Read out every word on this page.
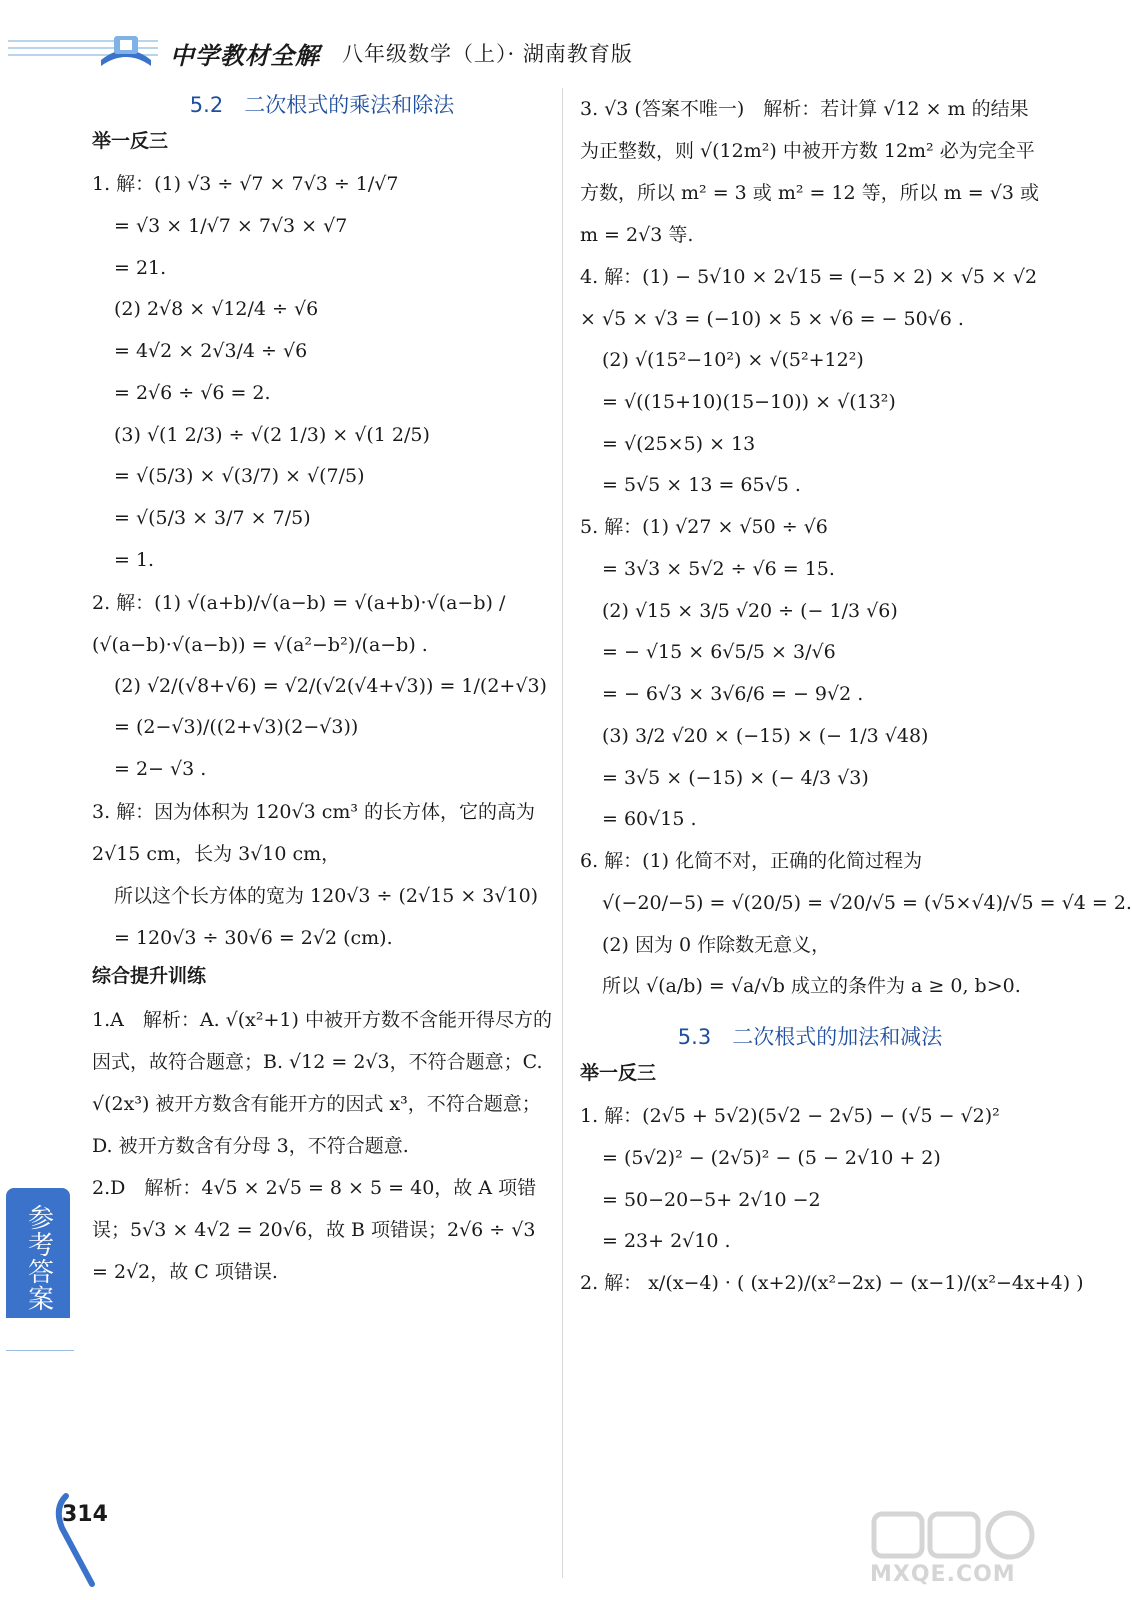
中学教材全解 八年级数学（上）· 湖南教育版
5.2　二次根式的乘法和除法
举一反三
1. 解：(1) √3 ÷ √7 × 7√3 ÷ 1/√7
= √3 × 1/√7 × 7√3 × √7
= 21.
(2) 2√8 × √12/4 ÷ √6
= 4√2 × 2√3/4 ÷ √6
= 2√6 ÷ √6 = 2.
(3) √(1 2/3) ÷ √(2 1/3) × √(1 2/5)
= √(5/3) × √(3/7) × √(7/5)
= √(5/3 × 3/7 × 7/5)
= 1.
2. 解：(1) √(a+b)/√(a−b) = √(a+b)·√(a−b) / (√(a−b)·√(a−b)) = √(a²−b²)/(a−b) .
(2) √2/(√8+√6) = √2/(√2(√4+√3)) = 1/(2+√3)
= (2−√3)/((2+√3)(2−√3))
= 2− √3 .
3. 解：因为体积为 120√3 cm³ 的长方体，它的高为 2√15 cm，长为 3√10 cm，
所以这个长方体的宽为 120√3 ÷ (2√15 × 3√10) = 120√3 ÷ 30√6 = 2√2 (cm).
综合提升训练
1.A　解析：A. √(x²+1) 中被开方数不含能开得尽方的因式，故符合题意；B. √12 = 2√3，不符合题意；C. √(2x³) 被开方数含有能开方的因式 x³，不符合题意；D. 被开方数含有分母 3，不符合题意.
2.D　解析：4√5 × 2√5 = 8 × 5 = 40，故 A 项错误；5√3 × 4√2 = 20√6，故 B 项错误；2√6 ÷ √3 = 2√2，故 C 项错误.
3. √3 (答案不唯一)　解析：若计算 √12 × m 的结果为正整数，则 √(12m²) 中被开方数 12m² 必为完全平方数，所以 m² = 3 或 m² = 12 等，所以 m = √3 或 m = 2√3 等.
4. 解：(1) − 5√10 × 2√15 = (−5 × 2) × √5 × √2 × √5 × √3 = (−10) × 5 × √6 = − 50√6 .
(2) √(15²−10²) × √(5²+12²)
= √((15+10)(15−10)) × √(13²)
= √(25×5) × 13
= 5√5 × 13 = 65√5 .
5. 解：(1) √27 × √50 ÷ √6
= 3√3 × 5√2 ÷ √6 = 15.
(2) √15 × 3/5 √20 ÷ (− 1/3 √6)
= − √15 × 6√5/5 × 3/√6
= − 6√3 × 3√6/6 = − 9√2 .
(3) 3/2 √20 × (−15) × (− 1/3 √48)
= 3√5 × (−15) × (− 4/3 √3)
= 60√15 .
6. 解：(1) 化简不对，正确的化简过程为
√(−20/−5) = √(20/5) = √20/√5 = (√5×√4)/√5 = √4 = 2.
(2) 因为 0 作除数无意义，
所以 √(a/b) = √a/√b 成立的条件为 a ≥ 0, b>0.
5.3　二次根式的加法和减法
举一反三
1. 解：(2√5 + 5√2)(5√2 − 2√5) − (√5 − √2)²
= (5√2)² − (2√5)² − (5 − 2√10 + 2)
= 50−20−5+ 2√10 −2
= 23+ 2√10 .
2. 解： x/(x−4) · ( (x+2)/(x²−2x) − (x−1)/(x²−4x+4) )
参考答案
314
MXQE.COM
